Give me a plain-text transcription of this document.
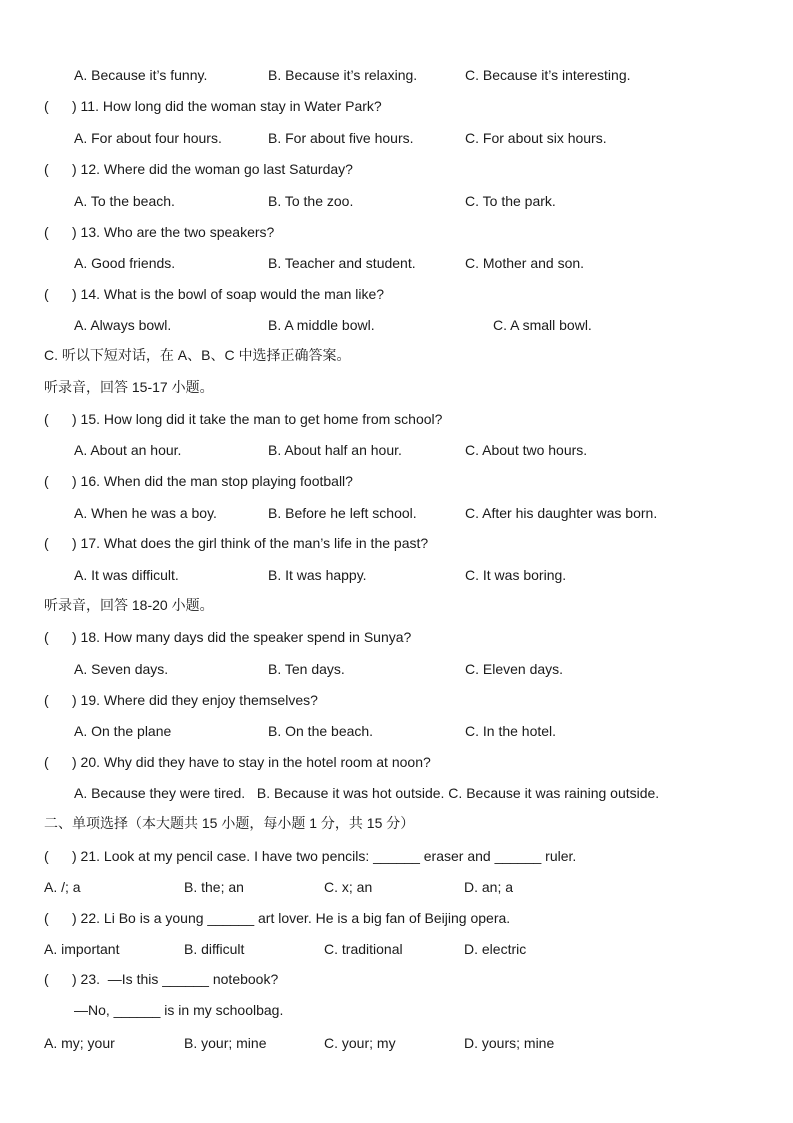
A. Because it’s funny.	B. Because it’s relaxing.	C. Because it’s interesting.
( ) 11. How long did the woman stay in Water Park?
A. For about four hours.	B. For about five hours.	C. For about six hours.
( ) 12. Where did the woman go last Saturday?
A. To the beach.	B. To the zoo.	C. To the park.
( ) 13. Who are the two speakers?
A. Good friends.	B. Teacher and student.	C. Mother and son.
( ) 14. What is the bowl of soap would the man like?
A. Always bowl.	B. A middle bowl.	C. A small bowl.
C. 听以下短对话，在 A、B、C 中选择正确答案。
听录音，回答 15-17 小题。
( ) 15. How long did it take the man to get home from school?
A. About an hour.	B. About half an hour.	C. About two hours.
( ) 16. When did the man stop playing football?
A. When he was a boy.	B. Before he left school.	C. After his daughter was born.
( ) 17. What does the girl think of the man’s life in the past?
A. It was difficult.	B. It was happy.	C. It was boring.
听录音，回答 18-20 小题。
( ) 18. How many days did the speaker spend in Sunya?
A. Seven days.	B. Ten days.	C. Eleven days.
( ) 19. Where did they enjoy themselves?
A. On the plane	B. On the beach.	C. In the hotel.
( ) 20. Why did they have to stay in the hotel room at noon?
A. Because they were tired.   B. Because it was hot outside. C. Because it was raining outside.
二、单项选择（本大题共 15 小题，每小题 1 分，共 15 分）
( ) 21. Look at my pencil case. I have two pencils: ______ eraser and ______ ruler.
A. /; a	B. the; an	C. x; an	D. an; a
( ) 22. Li Bo is a young ______ art lover. He is a big fan of Beijing opera.
A. important	B. difficult	C. traditional	D. electric
( ) 23.  —Is this ______ notebook?
—No, ______ is in my schoolbag.
A. my; your	B. your; mine	C. your; my	D. yours; mine
